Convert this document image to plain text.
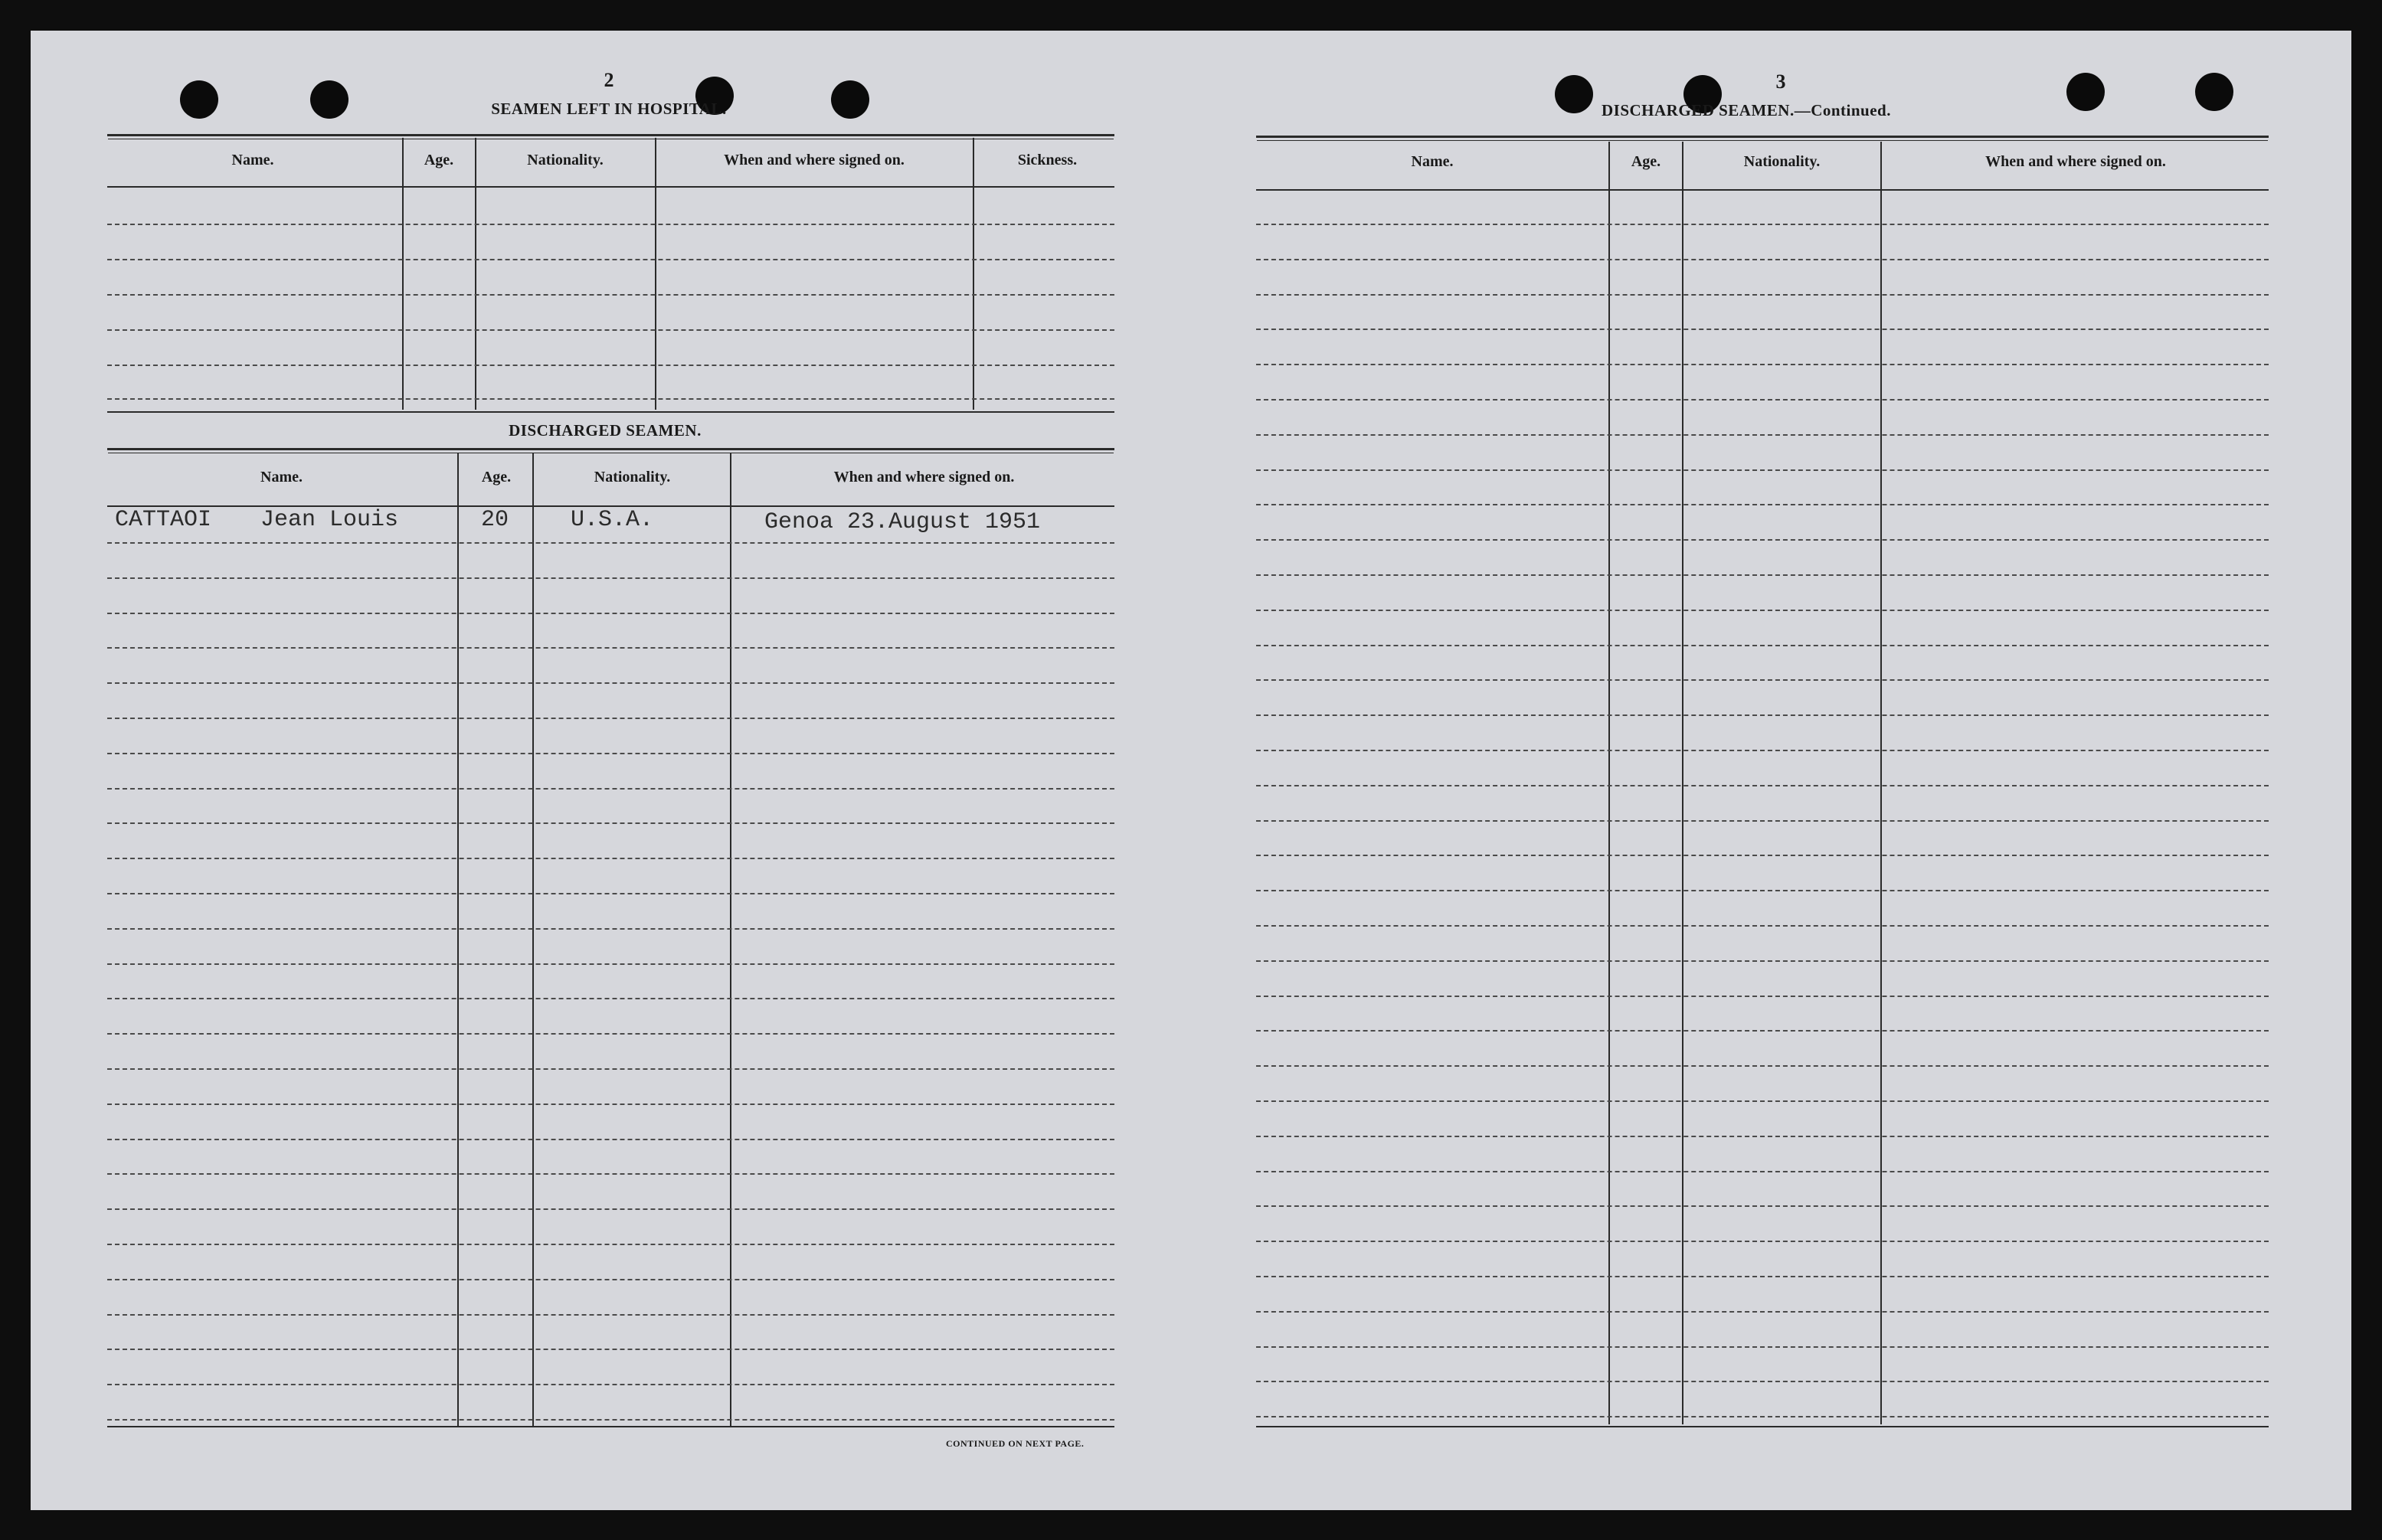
2
SEAMEN LEFT IN HOSPITAL.
Name.	Age.	Nationality.	When and where signed on.	Sickness.
DISCHARGED SEAMEN.
Name.	Age.	Nationality.	When and where signed on.
CATTAOI Jean Louis	20	U.S.A.	Genoa 23.August 1951
CONTINUED ON NEXT PAGE.
3
DISCHARGED SEAMEN.—Continued.
Name.	Age.	Nationality.	When and where signed on.
